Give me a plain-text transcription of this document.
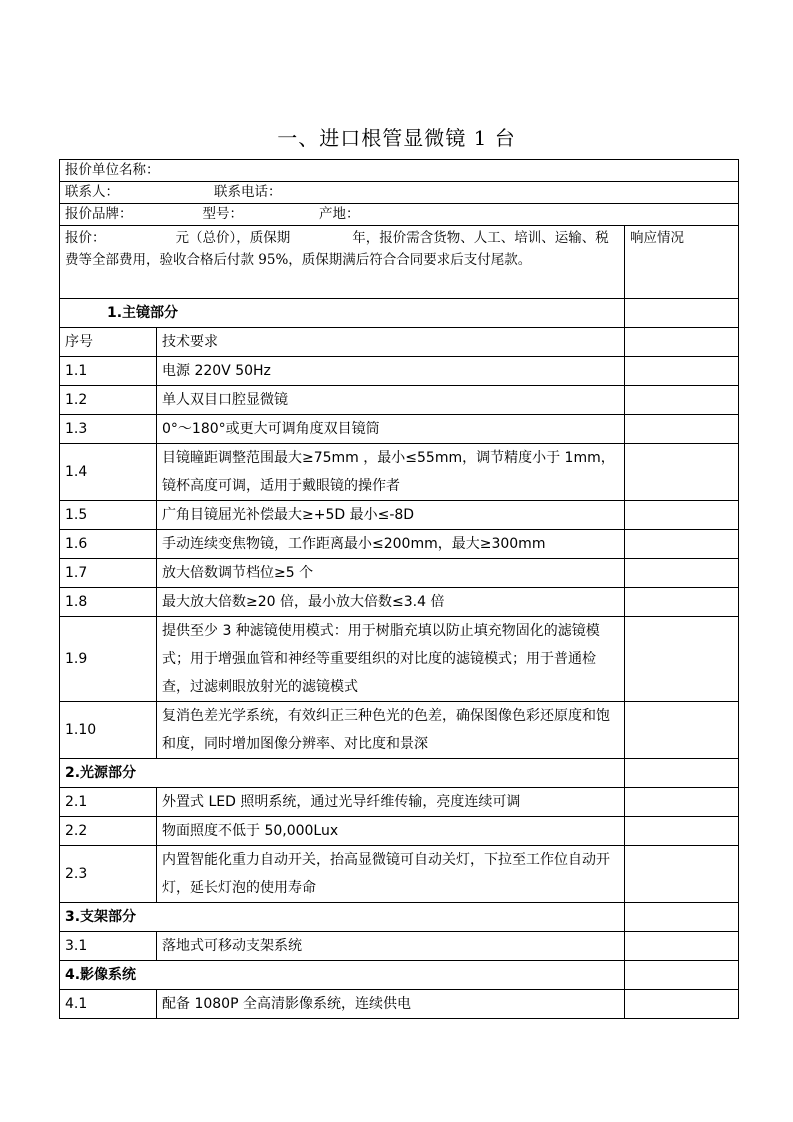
一、进口根管显微镜 1 台
报价单位名称：		
联系人： 联系电话：		
报价品牌： 型号： 产地：		
报价： 元（总价），质保期 年，报价需含货物、人工、培训、运输、税费等全部费用，验收合格后付款 95%，质保期满后符合合同要求后支付尾款。		响应情况
1.主镜部分		
序号	技术要求	
1.1	电源 220V 50Hz	
1.2	单人双目口腔显微镜	
1.3	0°～180°或更大可调角度双目镜筒	
1.4	目镜瞳距调整范围最大≥75mm ，最小≤55mm，调节精度小于 1mm，镜杯高度可调，适用于戴眼镜的操作者	
1.5	广角目镜屈光补偿最大≥+5D 最小≤-8D	
1.6	手动连续变焦物镜，工作距离最小≤200mm，最大≥300mm	
1.7	放大倍数调节档位≥5 个	
1.8	最大放大倍数≥20 倍，最小放大倍数≤3.4 倍	
1.9	提供至少 3 种滤镜使用模式：用于树脂充填以防止填充物固化的滤镜模式；用于增强血管和神经等重要组织的对比度的滤镜模式；用于普通检查，过滤刺眼放射光的滤镜模式	
1.10	复消色差光学系统，有效纠正三种色光的色差，确保图像色彩还原度和饱和度，同时增加图像分辨率、对比度和景深	
2.光源部分		
2.1	外置式 LED 照明系统，通过光导纤维传输，亮度连续可调	
2.2	物面照度不低于 50,000Lux	
2.3	内置智能化重力自动开关，抬高显微镜可自动关灯，下拉至工作位自动开灯，延长灯泡的使用寿命	
3.支架部分		
3.1	落地式可移动支架系统	
4.影像系统		
4.1	配备 1080P 全高清影像系统，连续供电	
